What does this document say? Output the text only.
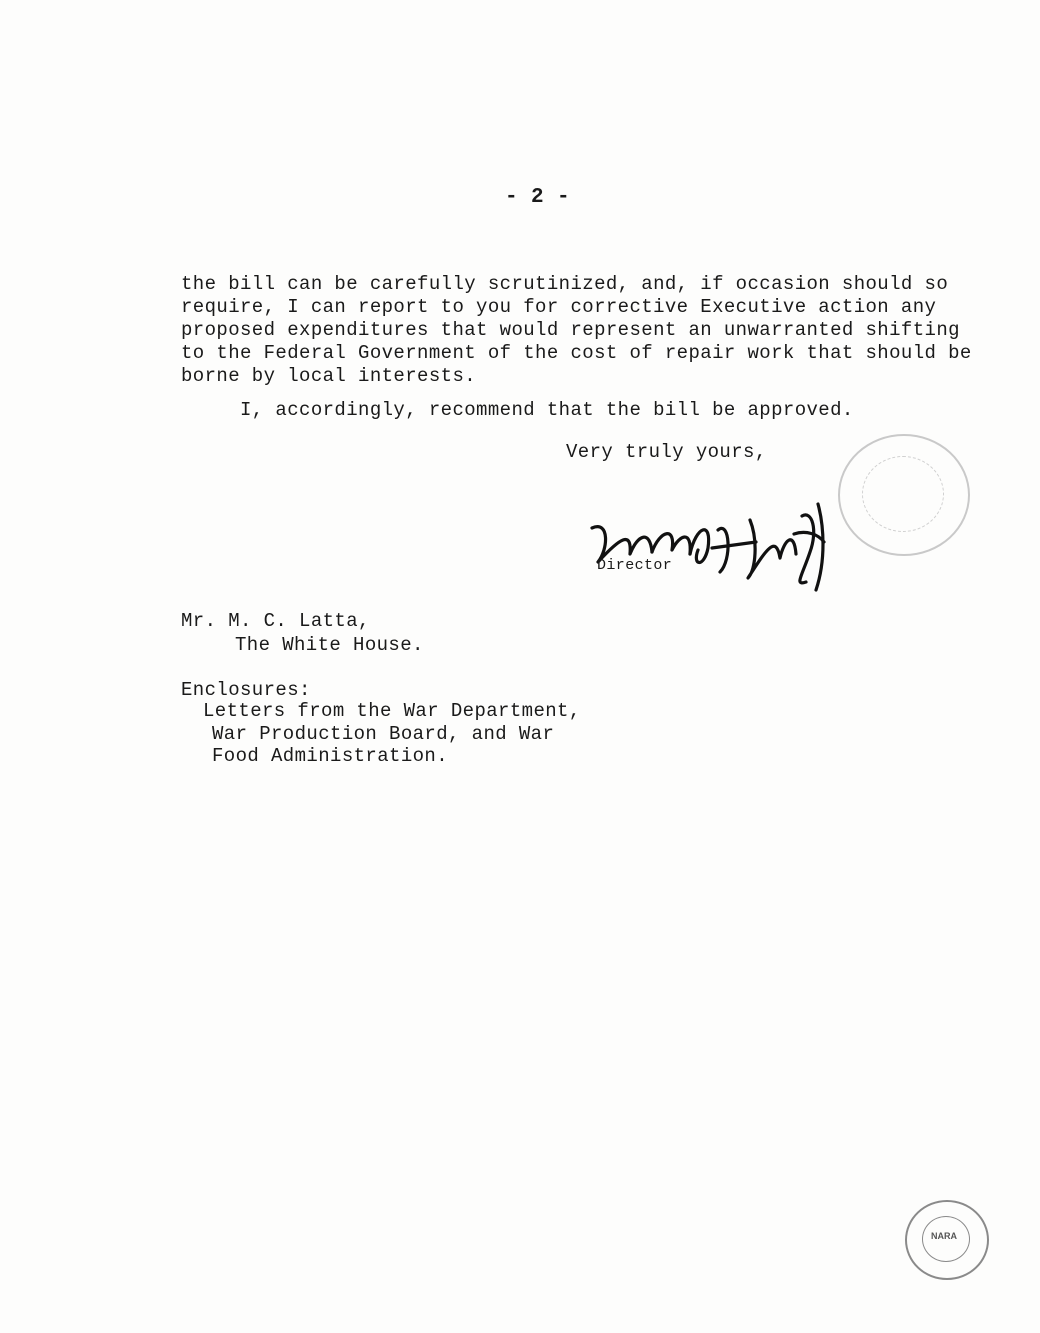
- 2 -
the bill can be carefully scrutinized, and, if occasion should so
require, I can report to you for corrective Executive action any
proposed expenditures that would represent an unwarranted shifting
to the Federal Government of the cost of repair work that should be
borne by local interests.
I, accordingly, recommend that the bill be approved.
Very truly yours,
Director
Mr. M. C. Latta,
The White House.
Enclosures:
Letters from the War Department,
War Production Board, and War
Food Administration.
NARA
